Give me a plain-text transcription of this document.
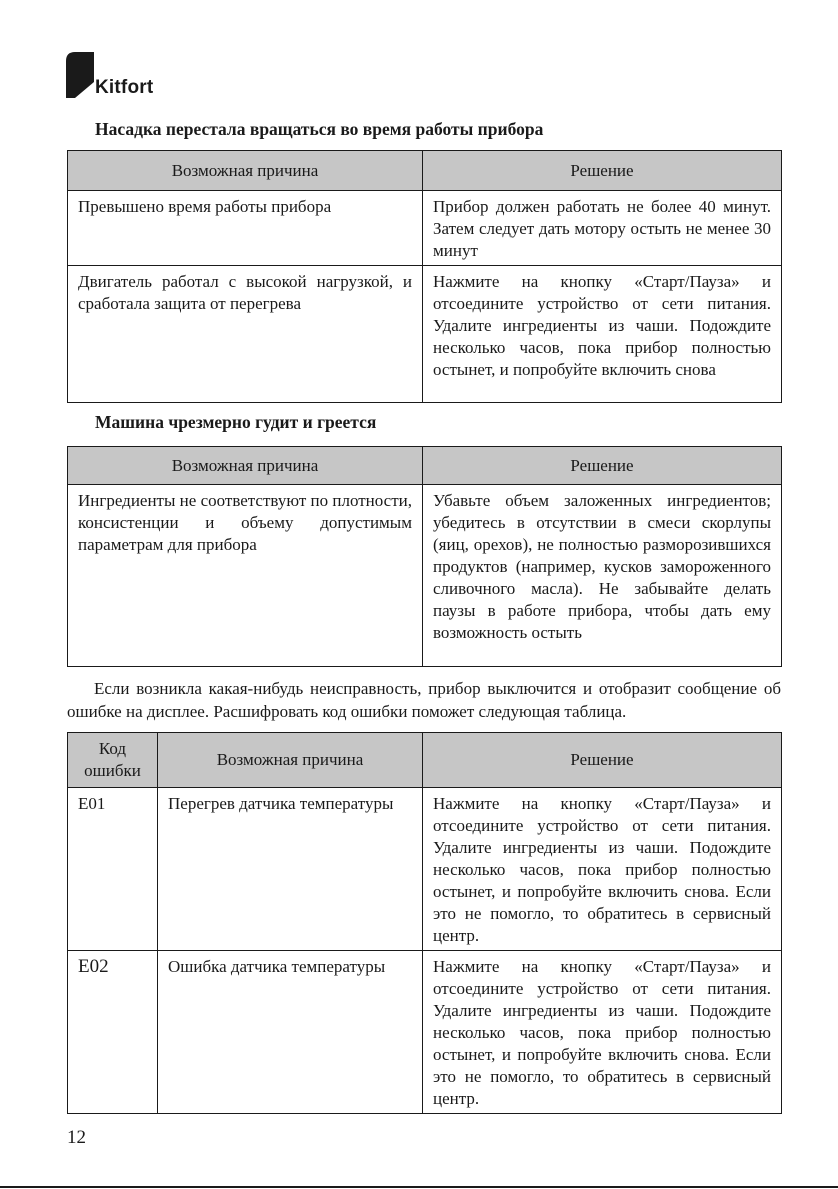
Kitfort
Насадка перестала вращаться во время работы прибора
Возможная причина	Решение
Превышено время работы прибора	Прибор должен работать не более 40 минут. Затем следует дать мотору остыть не менее 30 минут
Двигатель работал с высокой нагрузкой, и сработала защита от перегрева	Нажмите на кнопку «Старт/Пауза» и отсоедините устройство от сети питания. Удалите ингредиенты из чаши. Подождите несколько часов, пока прибор полностью остынет, и попробуйте включить снова
Машина чрезмерно гудит и греется
Возможная причина	Решение
Ингредиенты не соответствуют по плотности, консистенции и объему допустимым параметрам для прибора	Убавьте объем заложенных ингредиентов; убедитесь в отсутствии в смеси скорлупы (яиц, орехов), не полностью разморозившихся продуктов (например, кусков замороженного сливочного масла). Не забывайте делать паузы в работе прибора, чтобы дать ему возможность остыть

Если возникла какая-нибудь неисправность, прибор выключится и отобразит сообщение об ошибке на дисплее. Расшифровать код ошибки поможет следующая таблица.

Код ошибки	Возможная причина	Решение
E01	Перегрев датчика температуры	Нажмите на кнопку «Старт/Пауза» и отсоедините устройство от сети питания. Удалите ингредиенты из чаши. Подождите несколько часов, пока прибор полностью остынет, и попробуйте включить снова. Если это не помогло, то обратитесь в сервисный центр.
E02	Ошибка датчика температуры	Нажмите на кнопку «Старт/Пауза» и отсоедините устройство от сети питания. Удалите ингредиенты из чаши. Подождите несколько часов, пока прибор полностью остынет, и попробуйте включить снова. Если это не помогло, то обратитесь в сервисный центр.
12
